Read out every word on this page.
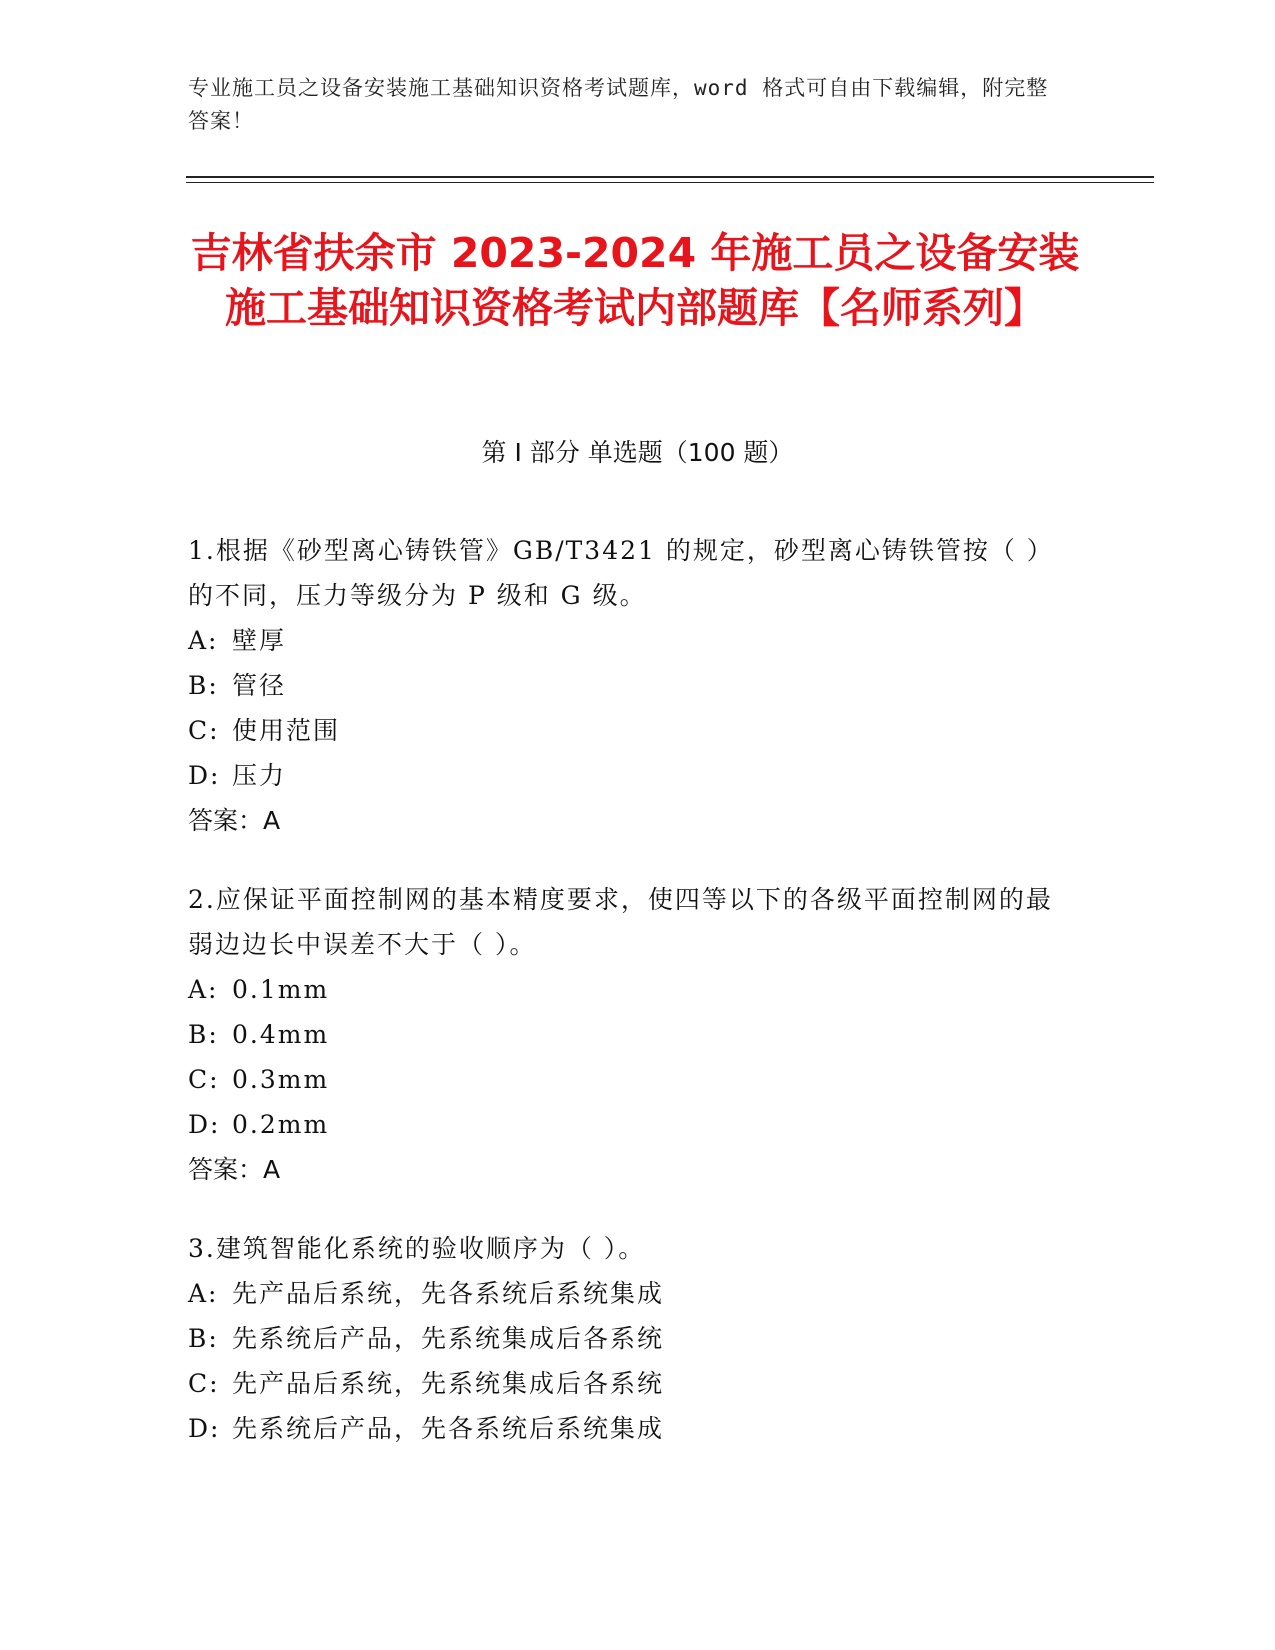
专业施工员之设备安装施工基础知识资格考试题库，word 格式可自由下载编辑，附完整答案！
吉林省扶余市 2023-2024 年施工员之设备安装施工基础知识资格考试内部题库【名师系列】
第 I 部分 单选题（100 题）

1.根据《砂型离心铸铁管》GB/T3421 的规定，砂型离心铸铁管按（ ）的不同，压力等级分为 P 级和 G 级。

A: 壁厚

B: 管径

C: 使用范围

D: 压力

答案：A

2.应保证平面控制网的基本精度要求，使四等以下的各级平面控制网的最弱边边长中误差不大于（ ）。

A: 0.1mm

B: 0.4mm

C: 0.3mm

D: 0.2mm

答案：A

3.建筑智能化系统的验收顺序为（ ）。

A: 先产品后系统，先各系统后系统集成

B: 先系统后产品，先系统集成后各系统

C: 先产品后系统，先系统集成后各系统

D: 先系统后产品，先各系统后系统集成
